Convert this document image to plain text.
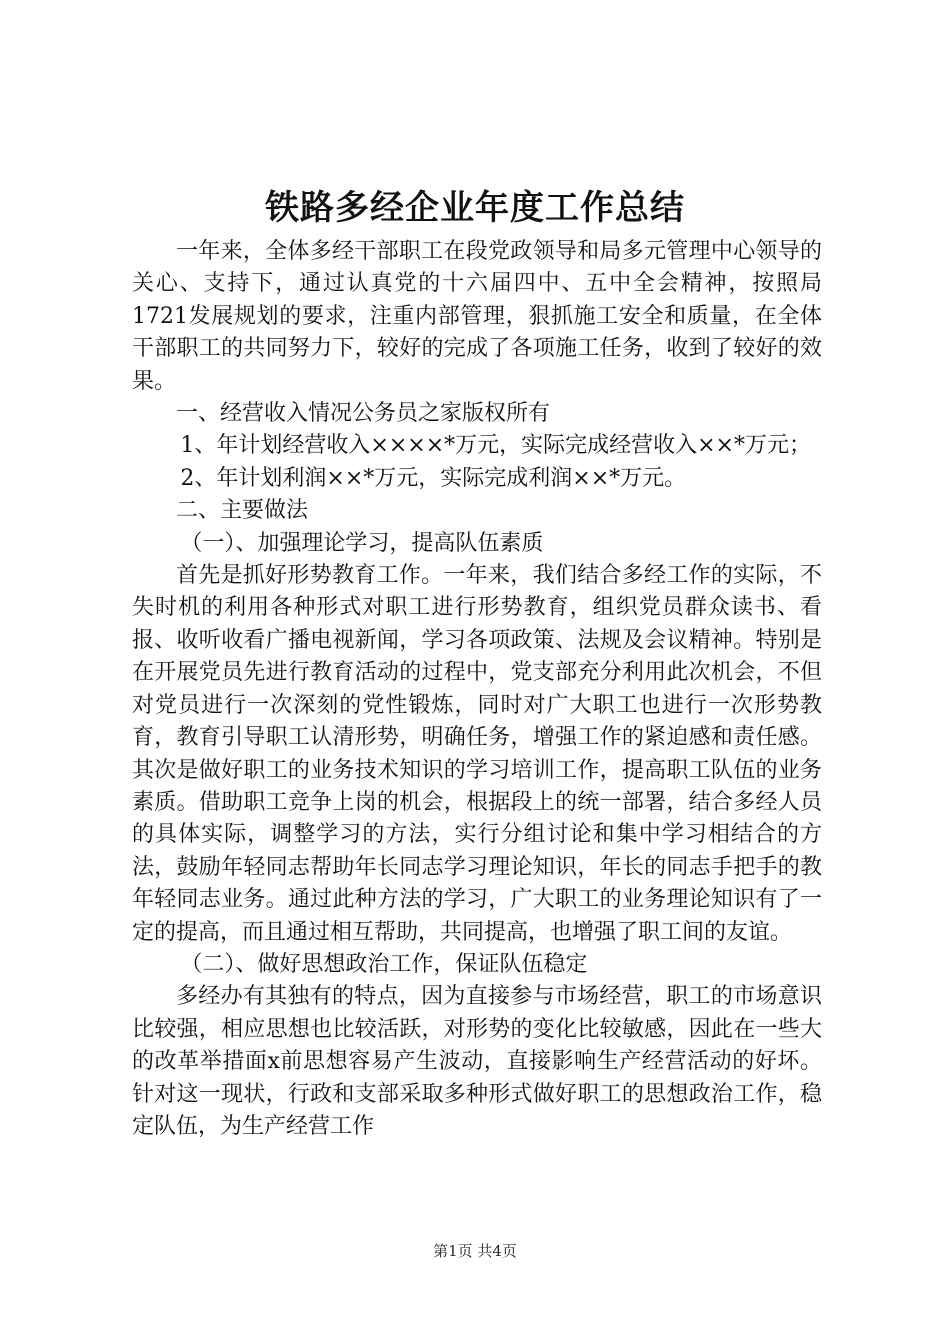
铁路多经企业年度工作总结

一年来，全体多经干部职工在段党政领导和局多元管理中心领导的关心、支持下，通过认真党的十六届四中、五中全会精神，按照局1721发展规划的要求，注重内部管理，狠抓施工安全和质量，在全体干部职工的共同努力下，较好的完成了各项施工任务，收到了较好的效果。

一、经营收入情况公务员之家版权所有

1、年计划经营收入××××*万元，实际完成经营收入××*万元；

2、年计划利润××*万元，实际完成利润××*万元。

二、主要做法

（一）、加强理论学习，提高队伍素质

首先是抓好形势教育工作。一年来，我们结合多经工作的实际，不失时机的利用各种形式对职工进行形势教育，组织党员群众读书、看报、收听收看广播电视新闻，学习各项政策、法规及会议精神。特别是在开展党员先进行教育活动的过程中，党支部充分利用此次机会，不但对党员进行一次深刻的党性锻炼，同时对广大职工也进行一次形势教育，教育引导职工认清形势，明确任务，增强工作的紧迫感和责任感。其次是做好职工的业务技术知识的学习培训工作，提高职工队伍的业务素质。借助职工竞争上岗的机会，根据段上的统一部署，结合多经人员的具体实际，调整学习的方法，实行分组讨论和集中学习相结合的方法，鼓励年轻同志帮助年长同志学习理论知识，年长的同志手把手的教年轻同志业务。通过此种方法的学习，广大职工的业务理论知识有了一定的提高，而且通过相互帮助，共同提高，也增强了职工间的友谊。

（二）、做好思想政治工作，保证队伍稳定

多经办有其独有的特点，因为直接参与市场经营，职工的市场意识比较强，相应思想也比较活跃，对形势的变化比较敏感，因此在一些大的改革举措面x前思想容易产生波动，直接影响生产经营活动的好坏。针对这一现状，行政和支部采取多种形式做好职工的思想政治工作，稳定队伍，为生产经营工作

第1页 共4页
